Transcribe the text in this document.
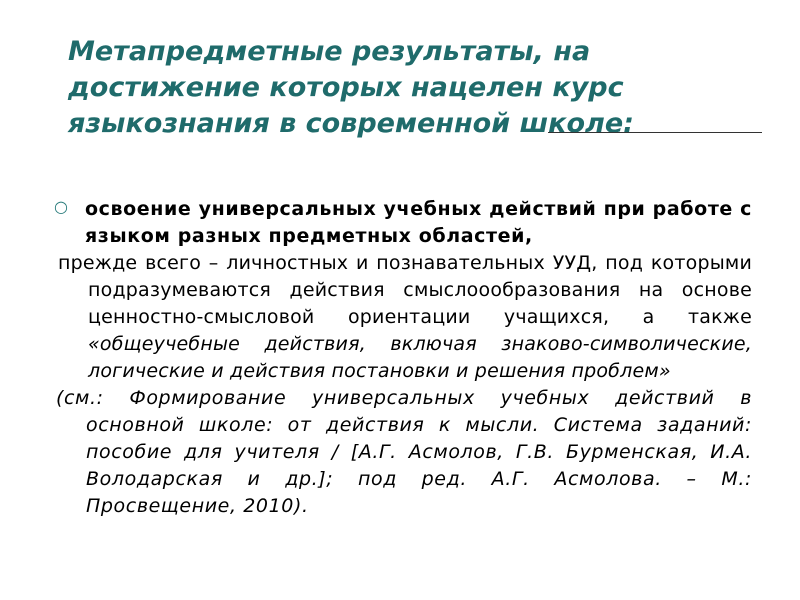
Метапредметные результаты, на достижение которых нацелен курс языкознания в современной школе:

○ освоение универсальных учебных действий при работе с языком разных предметных областей,

прежде всего – личностных и познавательных УУД, под которыми подразумеваются действия смыслоообразования на основе ценностно-смысловой ориентации учащихся, а также «общеучебные действия, включая знаково-символические, логические и действия постановки и решения проблем»

(см.: Формирование универсальных учебных действий в основной школе: от действия к мысли. Система заданий: пособие для учителя / [А.Г. Асмолов, Г.В. Бурменская, И.А. Володарская и др.]; под ред. А.Г. Асмолова. – М.: Просвещение, 2010).
